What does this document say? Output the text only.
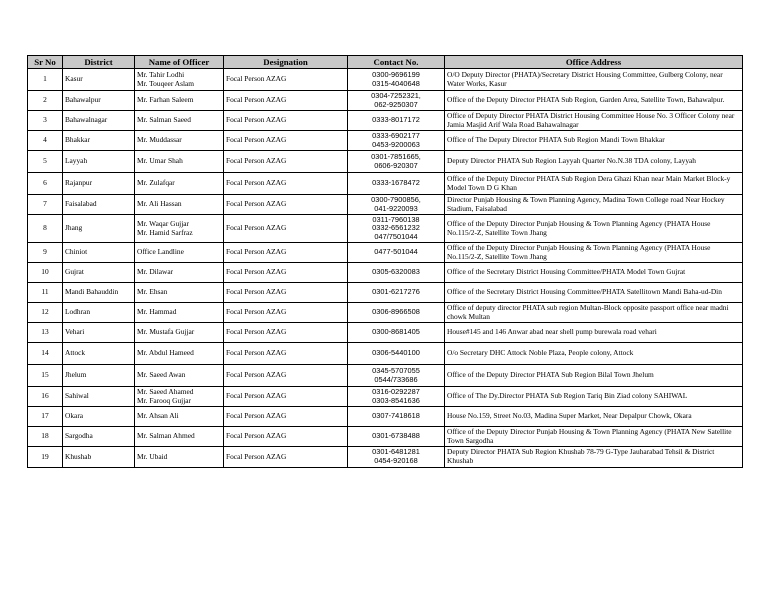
Sr No	District	Name of Officer	Designation	Contact No.	Office Address
1	Kasur	Mr. Tahir Lodhi
Mr. Touqeer Aslam	Focal Person AZAG	0300-9696199
0315-4040648	O/O Deputy Director (PHATA)/Secretary District Housing Committee, Gulberg Colony, near Water Works, Kasur

2	Bahawalpur	Mr. Farhan Saleem	Focal Person AZAG	0304-7252321,
062-9250307	Office of the Deputy Director PHATA Sub Region, Garden Area, Satellite Town, Bahawalpur.

3	Bahawalnagar	Mr. Salman Saeed	Focal Person AZAG	0333-8017172	Office of Deputy Director PHATA District Housing Committee House No. 3 Officer Colony near Jamia Masjid Arif Wala Road Bahawalnagar

4	Bhakkar	Mr. Muddassar	Focal Person AZAG	0333-6902177
0453-9200063	Office of The Deputy Director PHATA Sub Region Mandi Town Bhakkar

5	Layyah	Mr. Umar Shah	Focal Person AZAG	0301-7851665,
0606-920307	Deputy Director PHATA Sub Region Layyah Quarter No.N.38 TDA colony, Layyah

6	Rajanpur	Mr. Zulafqar	Focal Person AZAG	0333-1678472	Office of the Deputy Director PHATA Sub Region Dera Ghazi Khan near Main Market Block-y Model Town D G Khan

7	Faisalabad	Mr. Ali Hassan	Focal Person AZAG	0300-7900856,
041-9220093	Director Punjab Housing & Town Planning Agency, Madina Town College road Near Hockey Stadium, Faisalabad

8	Jhang	Mr. Waqar Gujjar
Mr. Hamid Sarfraz	Focal Person AZAG	0311-7960138
0332-6561232
047/7501044	Office of the Deputy Director Punjab Housing & Town Planning Agency (PHATA House No.115/2-Z, Satellite Town Jhang

9	Chiniot	Office Landline	Focal Person AZAG	0477-501044	Office of the Deputy Director Punjab Housing & Town Planning Agency (PHATA House No.115/2-Z, Satellite Town Jhang

10	Gujrat	Mr. Dilawar	Focal Person AZAG	0305-6320083	Office of the Secretary District Housing Committee/PHATA Model Town Gujrat

11	Mandi Bahauddin	Mr. Ehsan	Focal Person AZAG	0301-6217276	Office of the Secretary District Housing Committee/PHATA Satellitown Mandi Baha-ud-Din

12	Lodhran	Mr. Hammad	Focal Person AZAG	0306-8966508	Office of deputy director PHATA sub region Multan-Block opposite passport office near madni chowk Multan

13	Vehari	Mr. Mustafa Gujjar	Focal Person AZAG	0300-8681405	House#145 and 146 Anwar abad near shell pump burewala road vehari

14	Attock	Mr. Abdul Hameed	Focal Person AZAG	0306-5440100	O/o Secretary DHC Attock Noble Plaza, People colony, Attock

15	Jhelum	Mr. Saeed Awan	Focal Person AZAG	0345-5707055
0544/733686	Office of the Deputy Director PHATA Sub Region Bilal Town Jhelum

16	Sahiwal	Mr. Saeed Ahamed
Mr. Farooq Gujjar	Focal Person AZAG	0316-0292287
0303-8541636	Office of The Dy.Director PHATA Sub Region Tariq Bin Ziad colony SAHIWAL

17	Okara	Mr. Ahsan Ali	Focal Person AZAG	0307-7418618	House No.159, Street No.03, Madina Super Market, Near Depalpur Chowk, Okara

18	Sargodha	Mr. Salman Ahmed	Focal Person AZAG	0301-6738488	Office of the Deputy Director Punjab Housing & Town Planning Agency (PHATA New Satellite Town Sargodha

19	Khushab	Mr. Ubaid	Focal Person AZAG	0301-6481281
0454-920168	Deputy Director PHATA Sub Region Khushab 78-79 G-Type Jauharabad Tehsil & District Khushab
